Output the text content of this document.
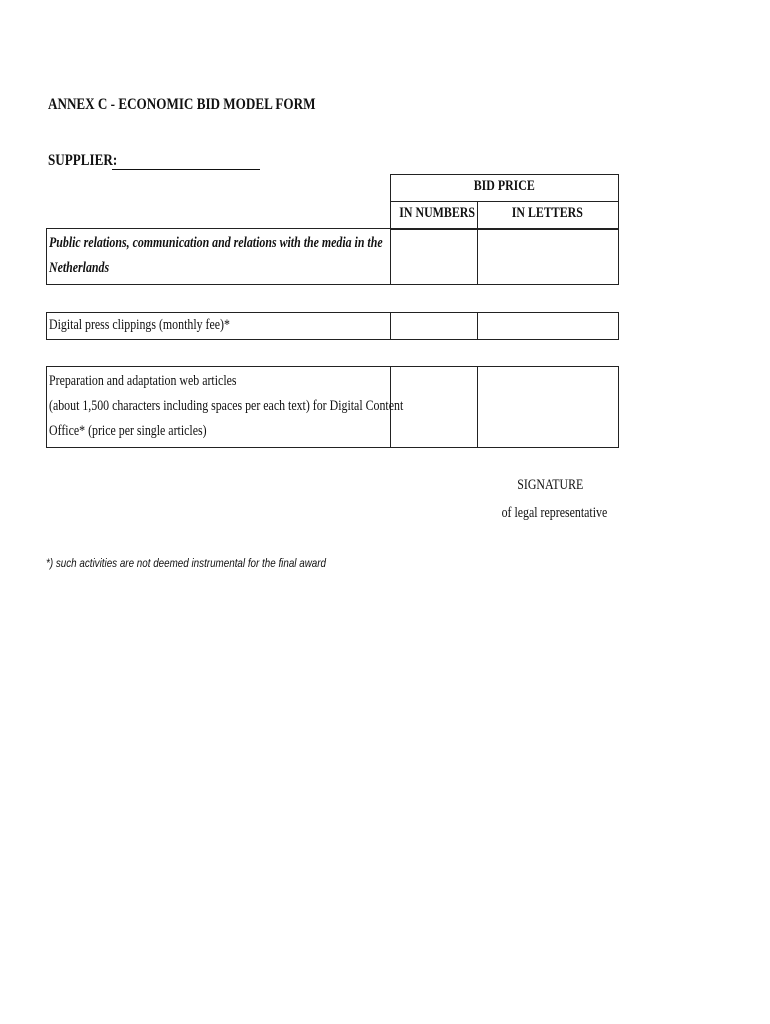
ANNEX C - ECONOMIC BID MODEL FORM
SUPPLIER:
BID PRICE
IN NUMBERS	IN LETTERS
Public relations, communication and relations with the media in the
Netherlands
Digital press clippings (monthly fee)*
Preparation and adaptation web articles
(about 1,500 characters including spaces per each text) for Digital Content
Office* (price per single articles)
SIGNATURE
of legal representative
*) such activities are not deemed instrumental for the final award
